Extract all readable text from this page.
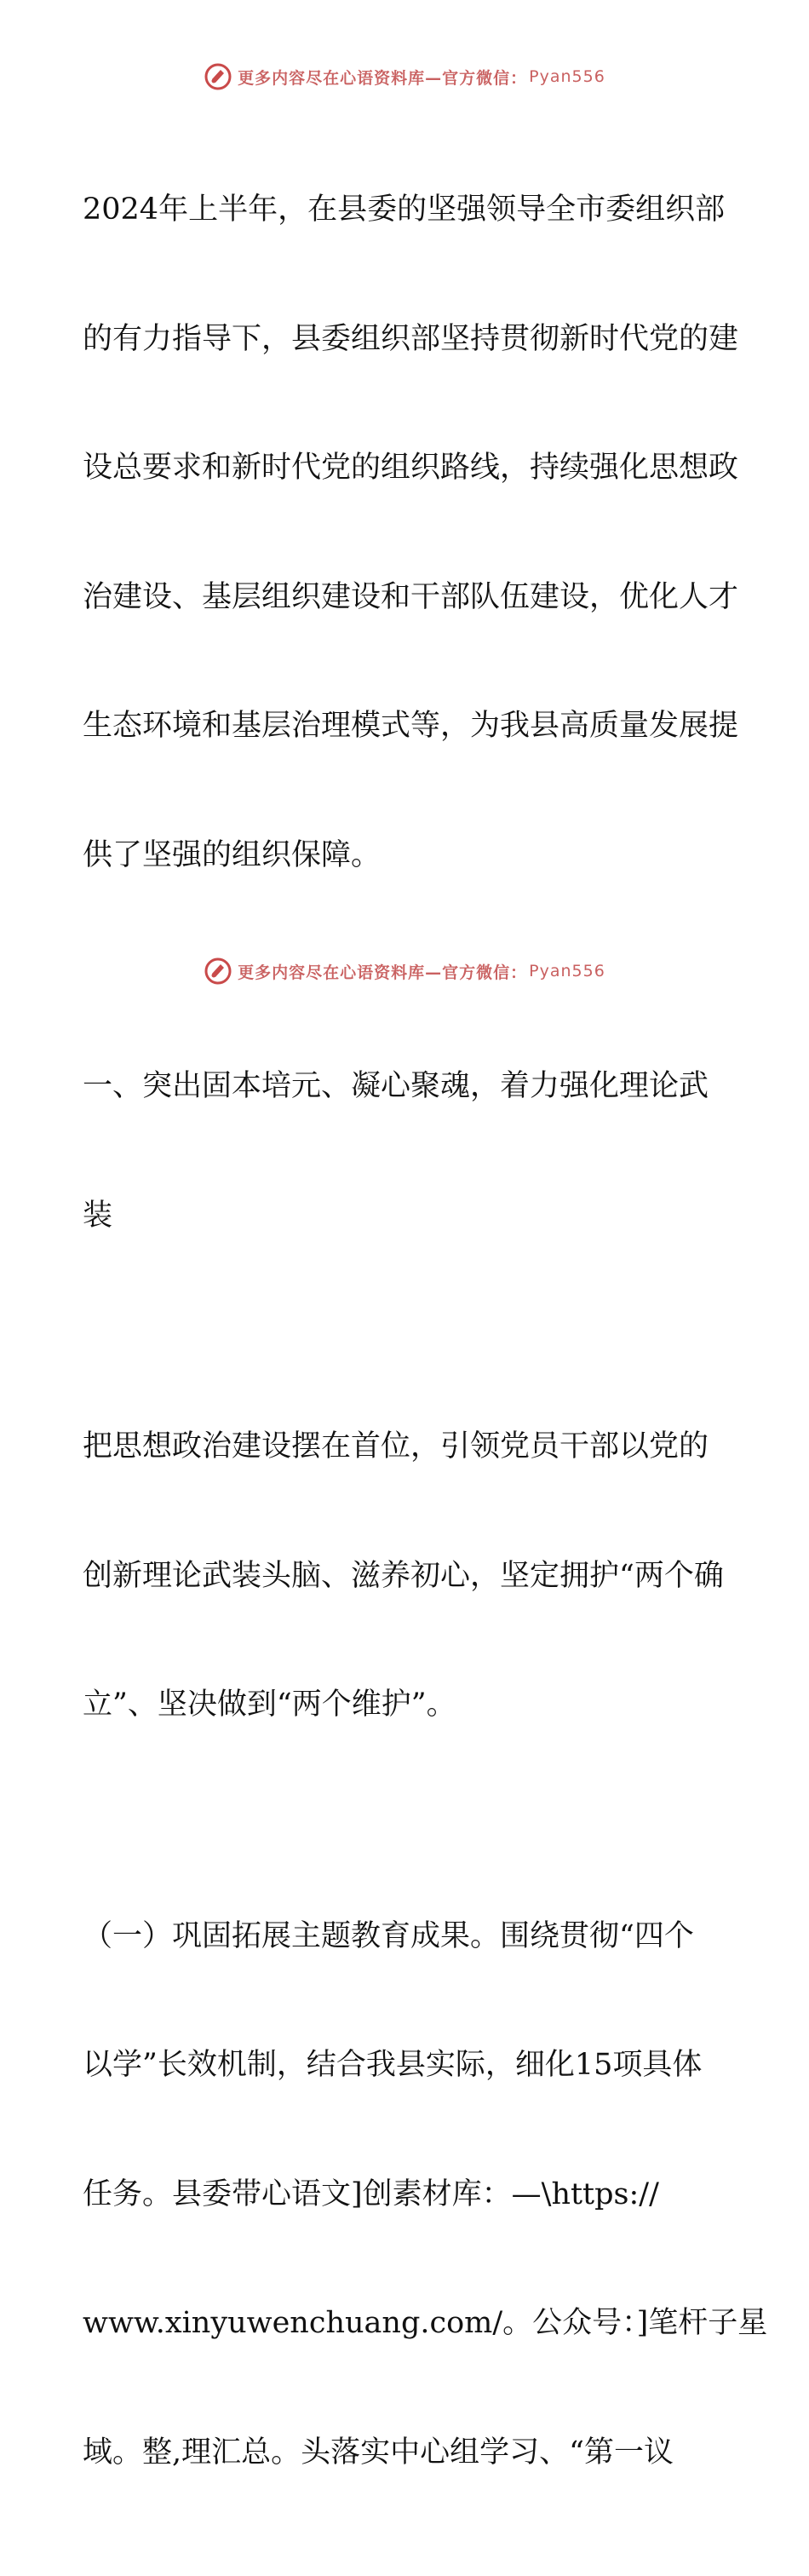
更多内容尽在心语资料库—官方微信： Pyan556

2024年上半年，在县委的坚强领导全市委组织部

的有力指导下，县委组织部坚持贯彻新时代党的建

设总要求和新时代党的组织路线，持续强化思想政

治建设、基层组织建设和干部队伍建设，优化人才

生态环境和基层治理模式等，为我县高质量发展提

供了坚强的组织保障。

一、突出固本培元、凝心聚魂，着力强化理论武

装

把思想政治建设摆在首位，引领党员干部以党的

创新理论武装头脑、滋养初心，坚定拥护“两个确

立”、坚决做到“两个维护”。

（一）巩固拓展主题教育成果。围绕贯彻“四个

以学”长效机制，结合我县实际，细化15项具体

任务。县委带心语文]创素材库：—\https://

www.xinyuwenchuang.com/。公众号：]笔杆子星

域。整,理汇总。头落实中心组学习、“第一议

更多内容尽在心语资料库—官方微信： Pyan556
